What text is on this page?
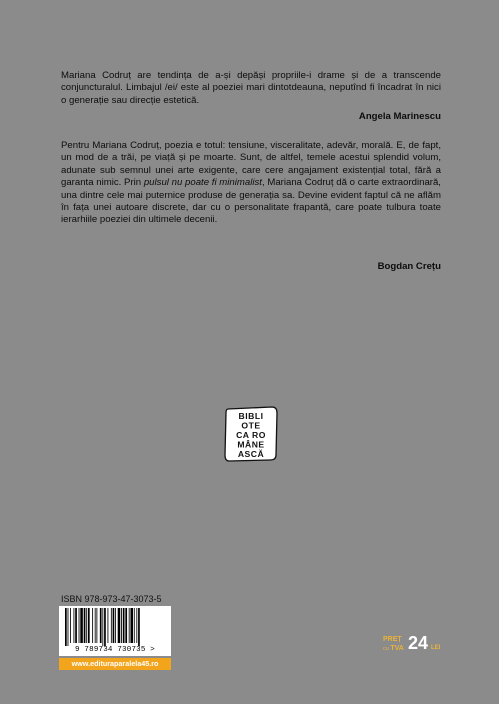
Mariana Codruț are tendința de a-și depăși propriile-i drame și de a transcende conjuncturalul. Limbajul /ei/ este al poeziei mari dintotdeauna, neputînd fi încadrat în nici o generație sau direcție estetică.

Angela Marinescu

Pentru Mariana Codruț, poezia e totul: tensiune, visceralitate, adevăr, morală. E, de fapt, un mod de a trăi, pe viață și pe moarte. Sunt, de altfel, temele acestui splendid volum, adunate sub semnul unei arte exigente, care cere angajament existențial total, fără a garanta nimic. Prin pulsul nu poate fi minimalist, Mariana Codruț dă o carte extraordinară, una dintre cele mai puternice produse de generația sa. Devine evident faptul că ne aflăm în fața unei autoare discrete, dar cu o personalitate frapantă, care poate tulbura toate ierarhiile poeziei din ultimele decenii.

Bogdan Crețu

BIBLI
OTE
CA RO
MÂNE
ASCĂ
ISBN 978-973-47-3073-5
9 789734 730735 >
www.edituraparalela45.ro
PREȚ
cu TVA 24 LEI
